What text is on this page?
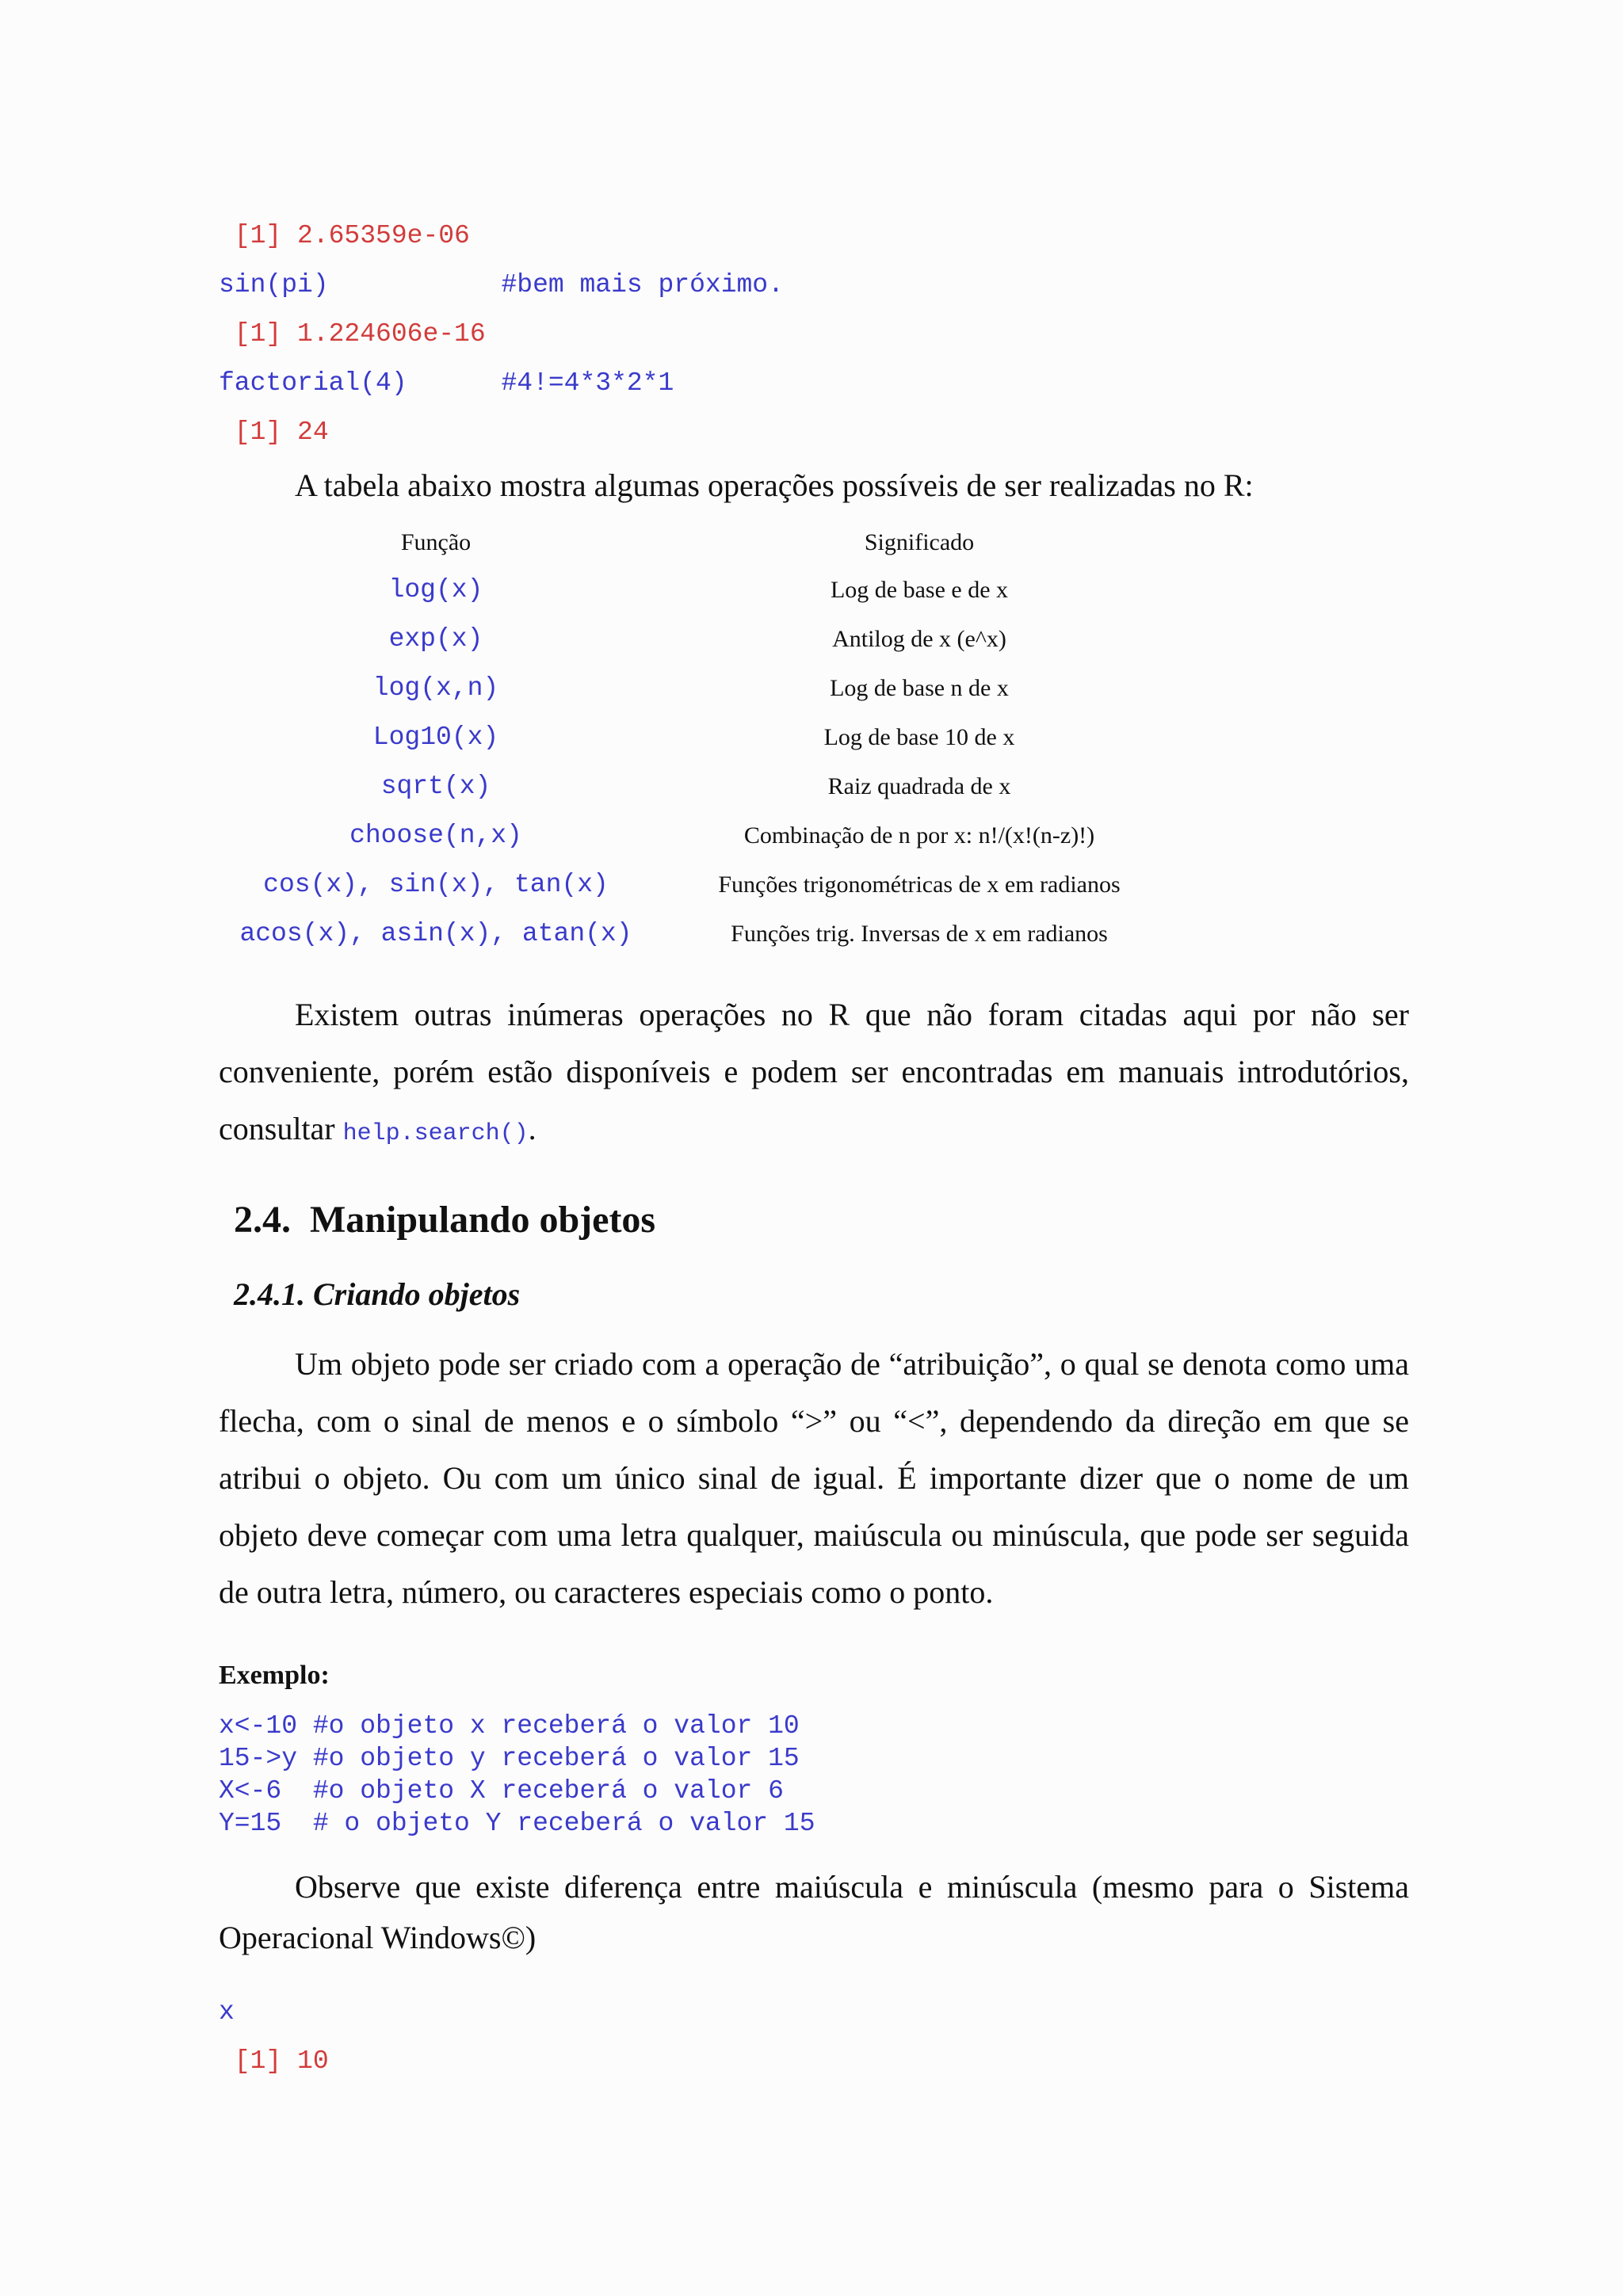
[1] 2.65359e-06
sin(pi)           #bem mais próximo.
[1] 1.224606e-16
factorial(4)      #4!=4*3*2*1
[1] 24
A tabela abaixo mostra algumas operações possíveis de ser realizadas no R:
Função	Significado
log(x)	Log de base e de x
exp(x)	Antilog de x (e^x)
log(x,n)	Log de base n de x
Log10(x)	Log de base 10 de x
sqrt(x)	Raiz quadrada de x
choose(n,x)	Combinação de n por x: n!/(x!(n-z)!)
cos(x), sin(x), tan(x)	Funções trigonométricas de x em radianos
acos(x), asin(x), atan(x)	Funções trig. Inversas de x em radianos

Existem outras inúmeras operações no R que não foram citadas aqui por não ser conveniente, porém estão disponíveis e podem ser encontradas em manuais introdutórios, consultar help.search().

2.4.  Manipulando objetos
2.4.1. Criando objetos

Um objeto pode ser criado com a operação de “atribuição”, o qual se denota como uma flecha, com o sinal de menos e o símbolo “>” ou “<”, dependendo da direção em que se atribui o objeto. Ou com um único sinal de igual. É importante dizer que o nome de um objeto deve começar com uma letra qualquer, maiúscula ou minúscula, que pode ser seguida de outra letra, número, ou caracteres especiais como o ponto.

Exemplo:
x<-10 #o objeto x receberá o valor 10
15->y #o objeto y receberá o valor 15
X<-6  #o objeto X receberá o valor 6
Y=15  # o objeto Y receberá o valor 15

Observe que existe diferença entre maiúscula e minúscula (mesmo para o Sistema Operacional Windows©)

x
[1] 10
